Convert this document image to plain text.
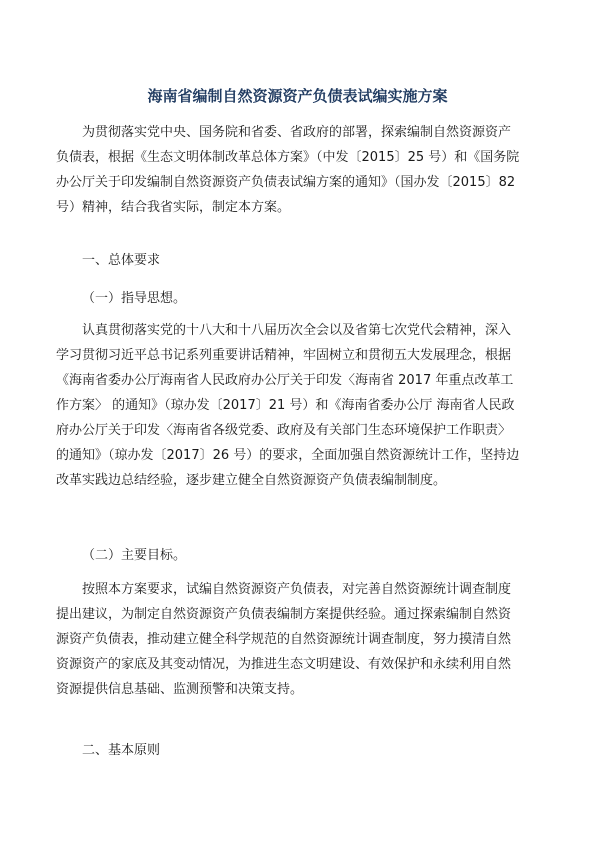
海南省编制自然资源资产负债表试编实施方案
为贯彻落实党中央、国务院和省委、省政府的部署，探索编制自然资源资产
负债表，根据《生态文明体制改革总体方案》（中发〔2015〕25 号）和《国务院
办公厅关于印发编制自然资源资产负债表试编方案的通知》（国办发〔2015〕82
号）精神，结合我省实际，制定本方案。
一、总体要求
（一）指导思想。
认真贯彻落实党的十八大和十八届历次全会以及省第七次党代会精神，深入
学习贯彻习近平总书记系列重要讲话精神，牢固树立和贯彻五大发展理念，根据
《海南省委办公厅海南省人民政府办公厅关于印发〈海南省 2017 年重点改革工
作方案〉 的通知》（琼办发〔2017〕21 号）和《海南省委办公厅 海南省人民政
府办公厅关于印发〈海南省各级党委、政府及有关部门生态环境保护工作职责〉
的通知》（琼办发〔2017〕26 号）的要求，全面加强自然资源统计工作，坚持边
改革实践边总结经验，逐步建立健全自然资源资产负债表编制制度。
（二）主要目标。
按照本方案要求，试编自然资源资产负债表，对完善自然资源统计调查制度
提出建议，为制定自然资源资产负债表编制方案提供经验。通过探索编制自然资
源资产负债表，推动建立健全科学规范的自然资源统计调查制度，努力摸清自然
资源资产的家底及其变动情况，为推进生态文明建设、有效保护和永续利用自然
资源提供信息基础、监测预警和决策支持。
二、基本原则
